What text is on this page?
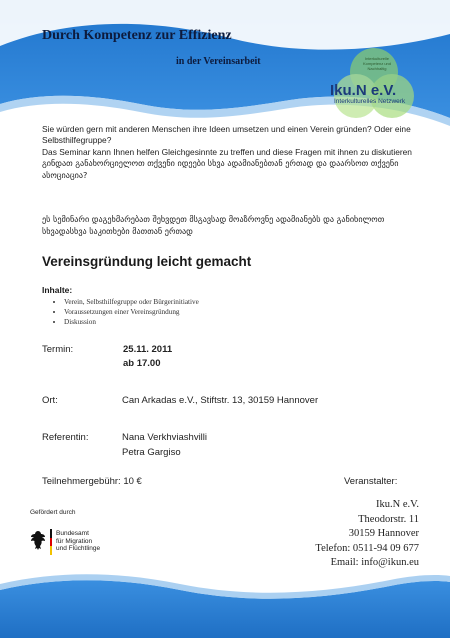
Durch Kompetenz zur Effizienz
in der Vereinsarbeit	Interkulturelle Kompetenz und Nachhaltig
Iku.N e.V.
Interkulturelles Netzwerk
Sie würden gern mit anderen Menschen ihre Ideen umsetzen und einen Verein gründen? Oder eine Selbsthilfegruppe?
Das Seminar kann Ihnen helfen Gleichgesinnte zu treffen und diese Fragen mit ihnen zu diskutieren
გინდათ განახორციელოთ თქვენი იდეები სხვა ადამიანებთან ერთად და დაარსოთ თქვენი ასოციაცია?
ეს სემინარი დაგეხმარებათ შეხვდეთ მსგავსად მოაზროვნე ადამიანებს და განიხილოთ სხვადასხვა საკითხები მათთან ერთად
Vereinsgründung leicht gemacht
Inhalte:
• Verein, Selbsthilfegruppe oder Bürgerinitiative
• Voraussetzungen einer Vereinsgründung
• Diskussion
Termin:	25.11. 2011
ab 17.00
Ort:	Can Arkadas e.V., Stiftstr. 13, 30159 Hannover
Referentin:	Nana Verkhviashvilli
Petra Gargiso
Teilnehmergebühr: 10 €	Veranstalter:
Iku.N e.V.
Theodorstr. 11
30159 Hannover
Telefon: 0511-94 09 677
Email: info@ikun.eu
Gefördert durch
Bundesamt
für Migration
und Flüchtlinge
